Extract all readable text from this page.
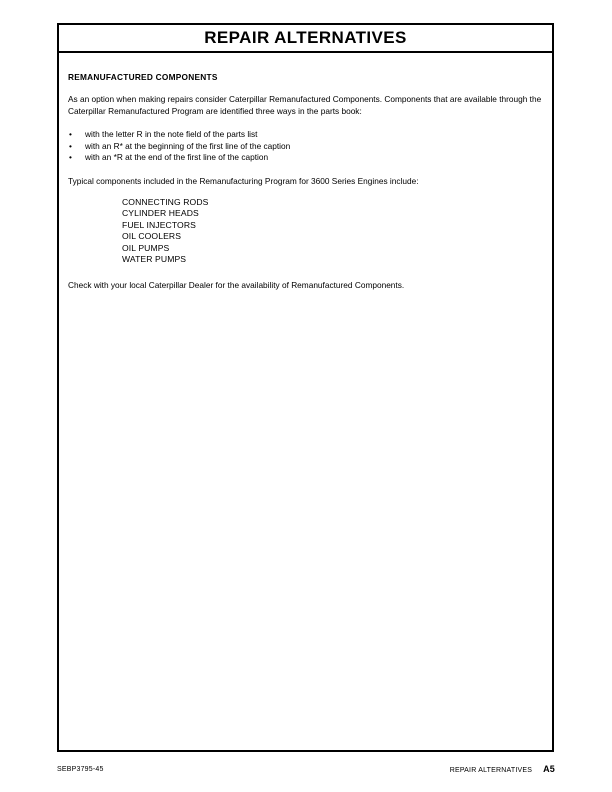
REPAIR ALTERNATIVES
REMANUFACTURED COMPONENTS

As an option when making repairs consider Caterpillar Remanufactured Components. Components that are available through the Caterpillar Remanufactured Program are identified three ways in the parts book:

• with the letter R in the note field of the parts list
• with an R* at the beginning of the first line of the caption
• with an *R at the end of the first line of the caption

Typical components included in the Remanufacturing Program for 3600 Series Engines include:

CONNECTING RODS
CYLINDER HEADS
FUEL INJECTORS
OIL COOLERS
OIL PUMPS
WATER PUMPS

Check with your local Caterpillar Dealer for the availability of Remanufactured Components.

SEBP3795-45	REPAIR ALTERNATIVES A5
